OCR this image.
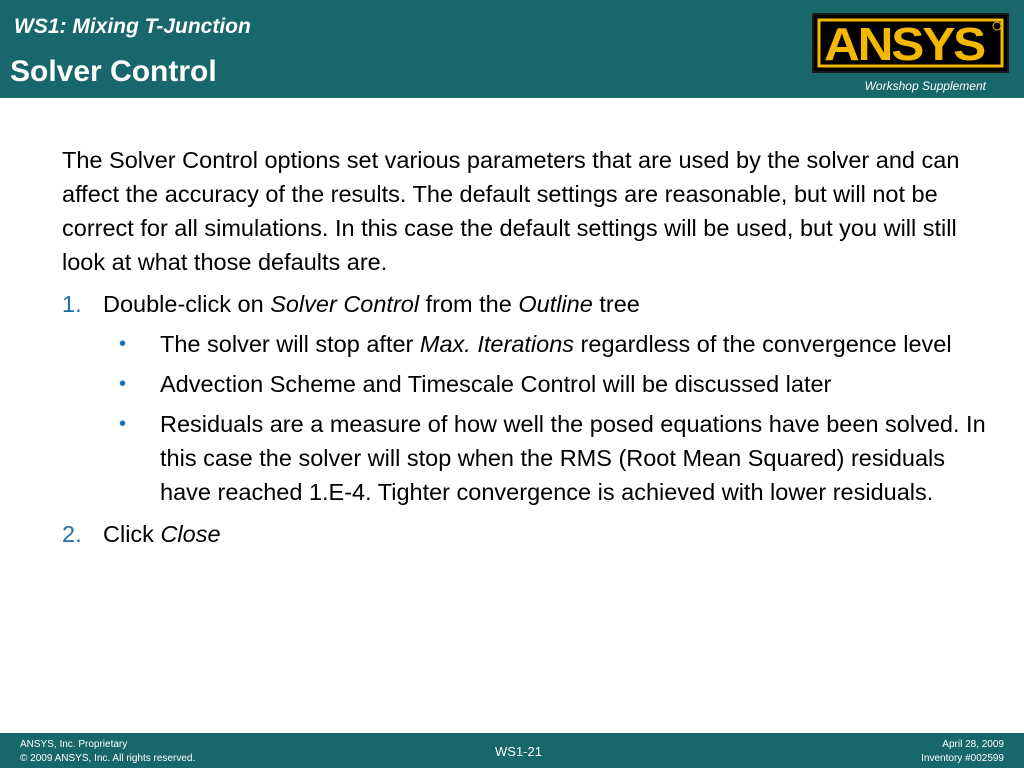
WS1: Mixing T-Junction
Solver Control
ANSYS
Workshop Supplement

The Solver Control options set various parameters that are used by the solver and can affect the accuracy of the results. The default settings are reasonable, but will not be correct for all simulations. In this case the default settings will be used, but you will still look at what those defaults are.

1. Double-click on Solver Control from the Outline tree
• The solver will stop after Max. Iterations regardless of the convergence level
• Advection Scheme and Timescale Control will be discussed later
• Residuals are a measure of how well the posed equations have been solved. In this case the solver will stop when the RMS (Root Mean Squared) residuals have reached 1.E-4. Tighter convergence is achieved with lower residuals.
2. Click Close
ANSYS, Inc. Proprietary
© 2009 ANSYS, Inc. All rights reserved.	WS1-21	April 28, 2009
Inventory #002599
